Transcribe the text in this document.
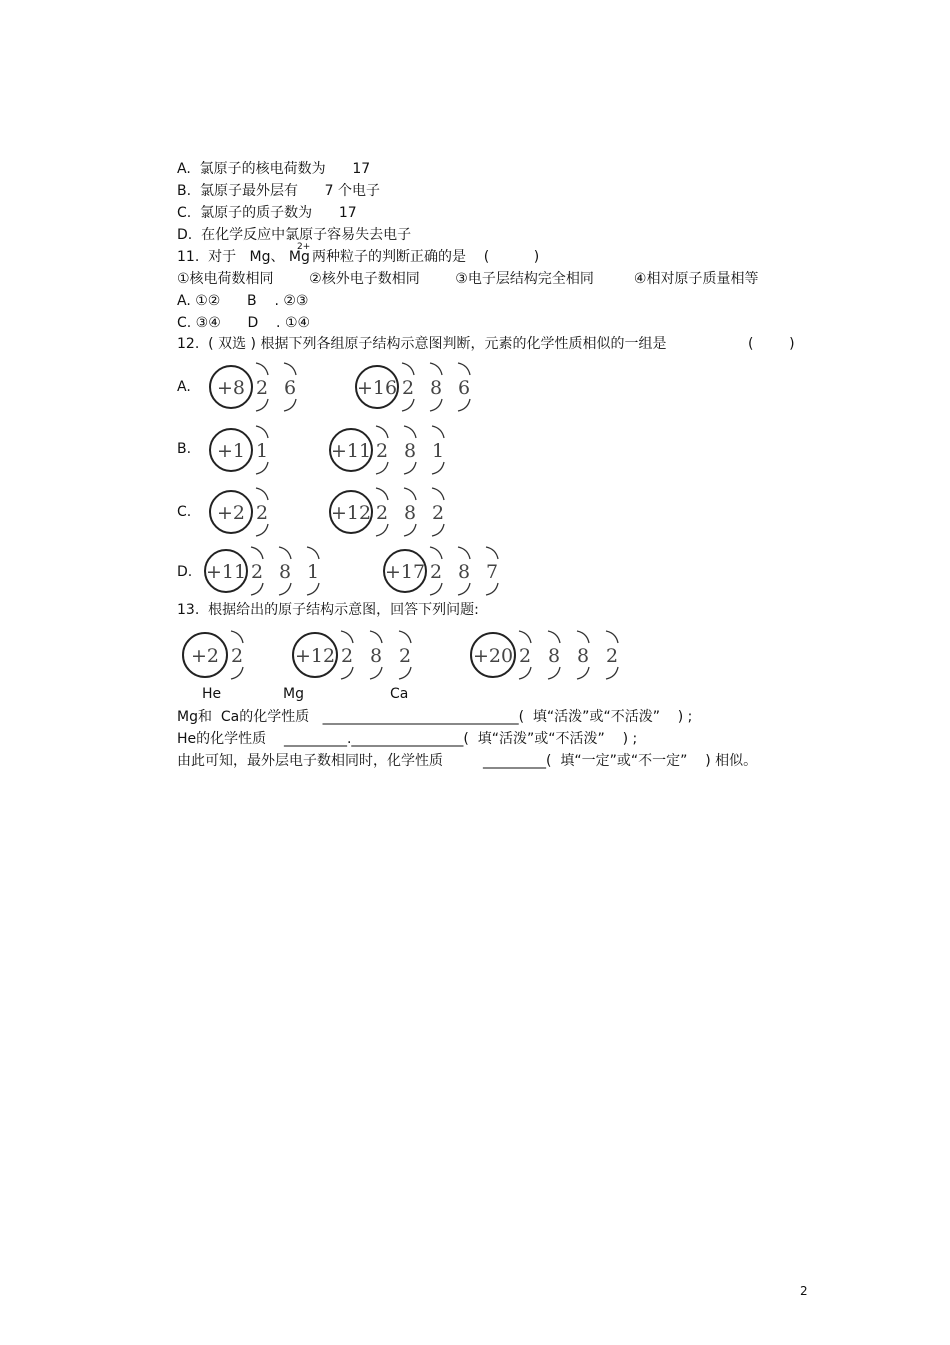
A.  氯原子的核电荷数为      17
B.  氯原子最外层有      7 个电子
C.  氯原子的质子数为      17
D.  在化学反应中氯原子容易失去电子
11.  对于   Mg、 Mg
2+
两种粒子的判断正确的是    (          )
①核电荷数相同        ②核外电子数相同        ③电子层结构完全相同         ④相对原子质量相等
A. ①②      B    . ②③
C. ③④      D    . ①④
12.  ( 双选 ) 根据下列各组原子结构示意图判断，元素的化学性质相似的一组是	(        )
A.
B.
C.
D.
+8 2 6	+16 2 8 6
+1 1	+11 2 8 1
+2 2	+12 2 8 2
+11 2 8 1	+17 2 8 7
+2 2	+12 2 8 2	+20 2 8 8 2
13.  根据给出的原子结构示意图，回答下列问题:
He	Mg	Ca
Mg和  Ca的化学性质   ____________________________(  填“活泼”或“不活泼”    ) ;
He的化学性质    _________.________________(  填“活泼”或“不活泼”    ) ;
由此可知，最外层电子数相同时，化学性质         _________(  填“一定”或“不一定”    ) 相似。
2
